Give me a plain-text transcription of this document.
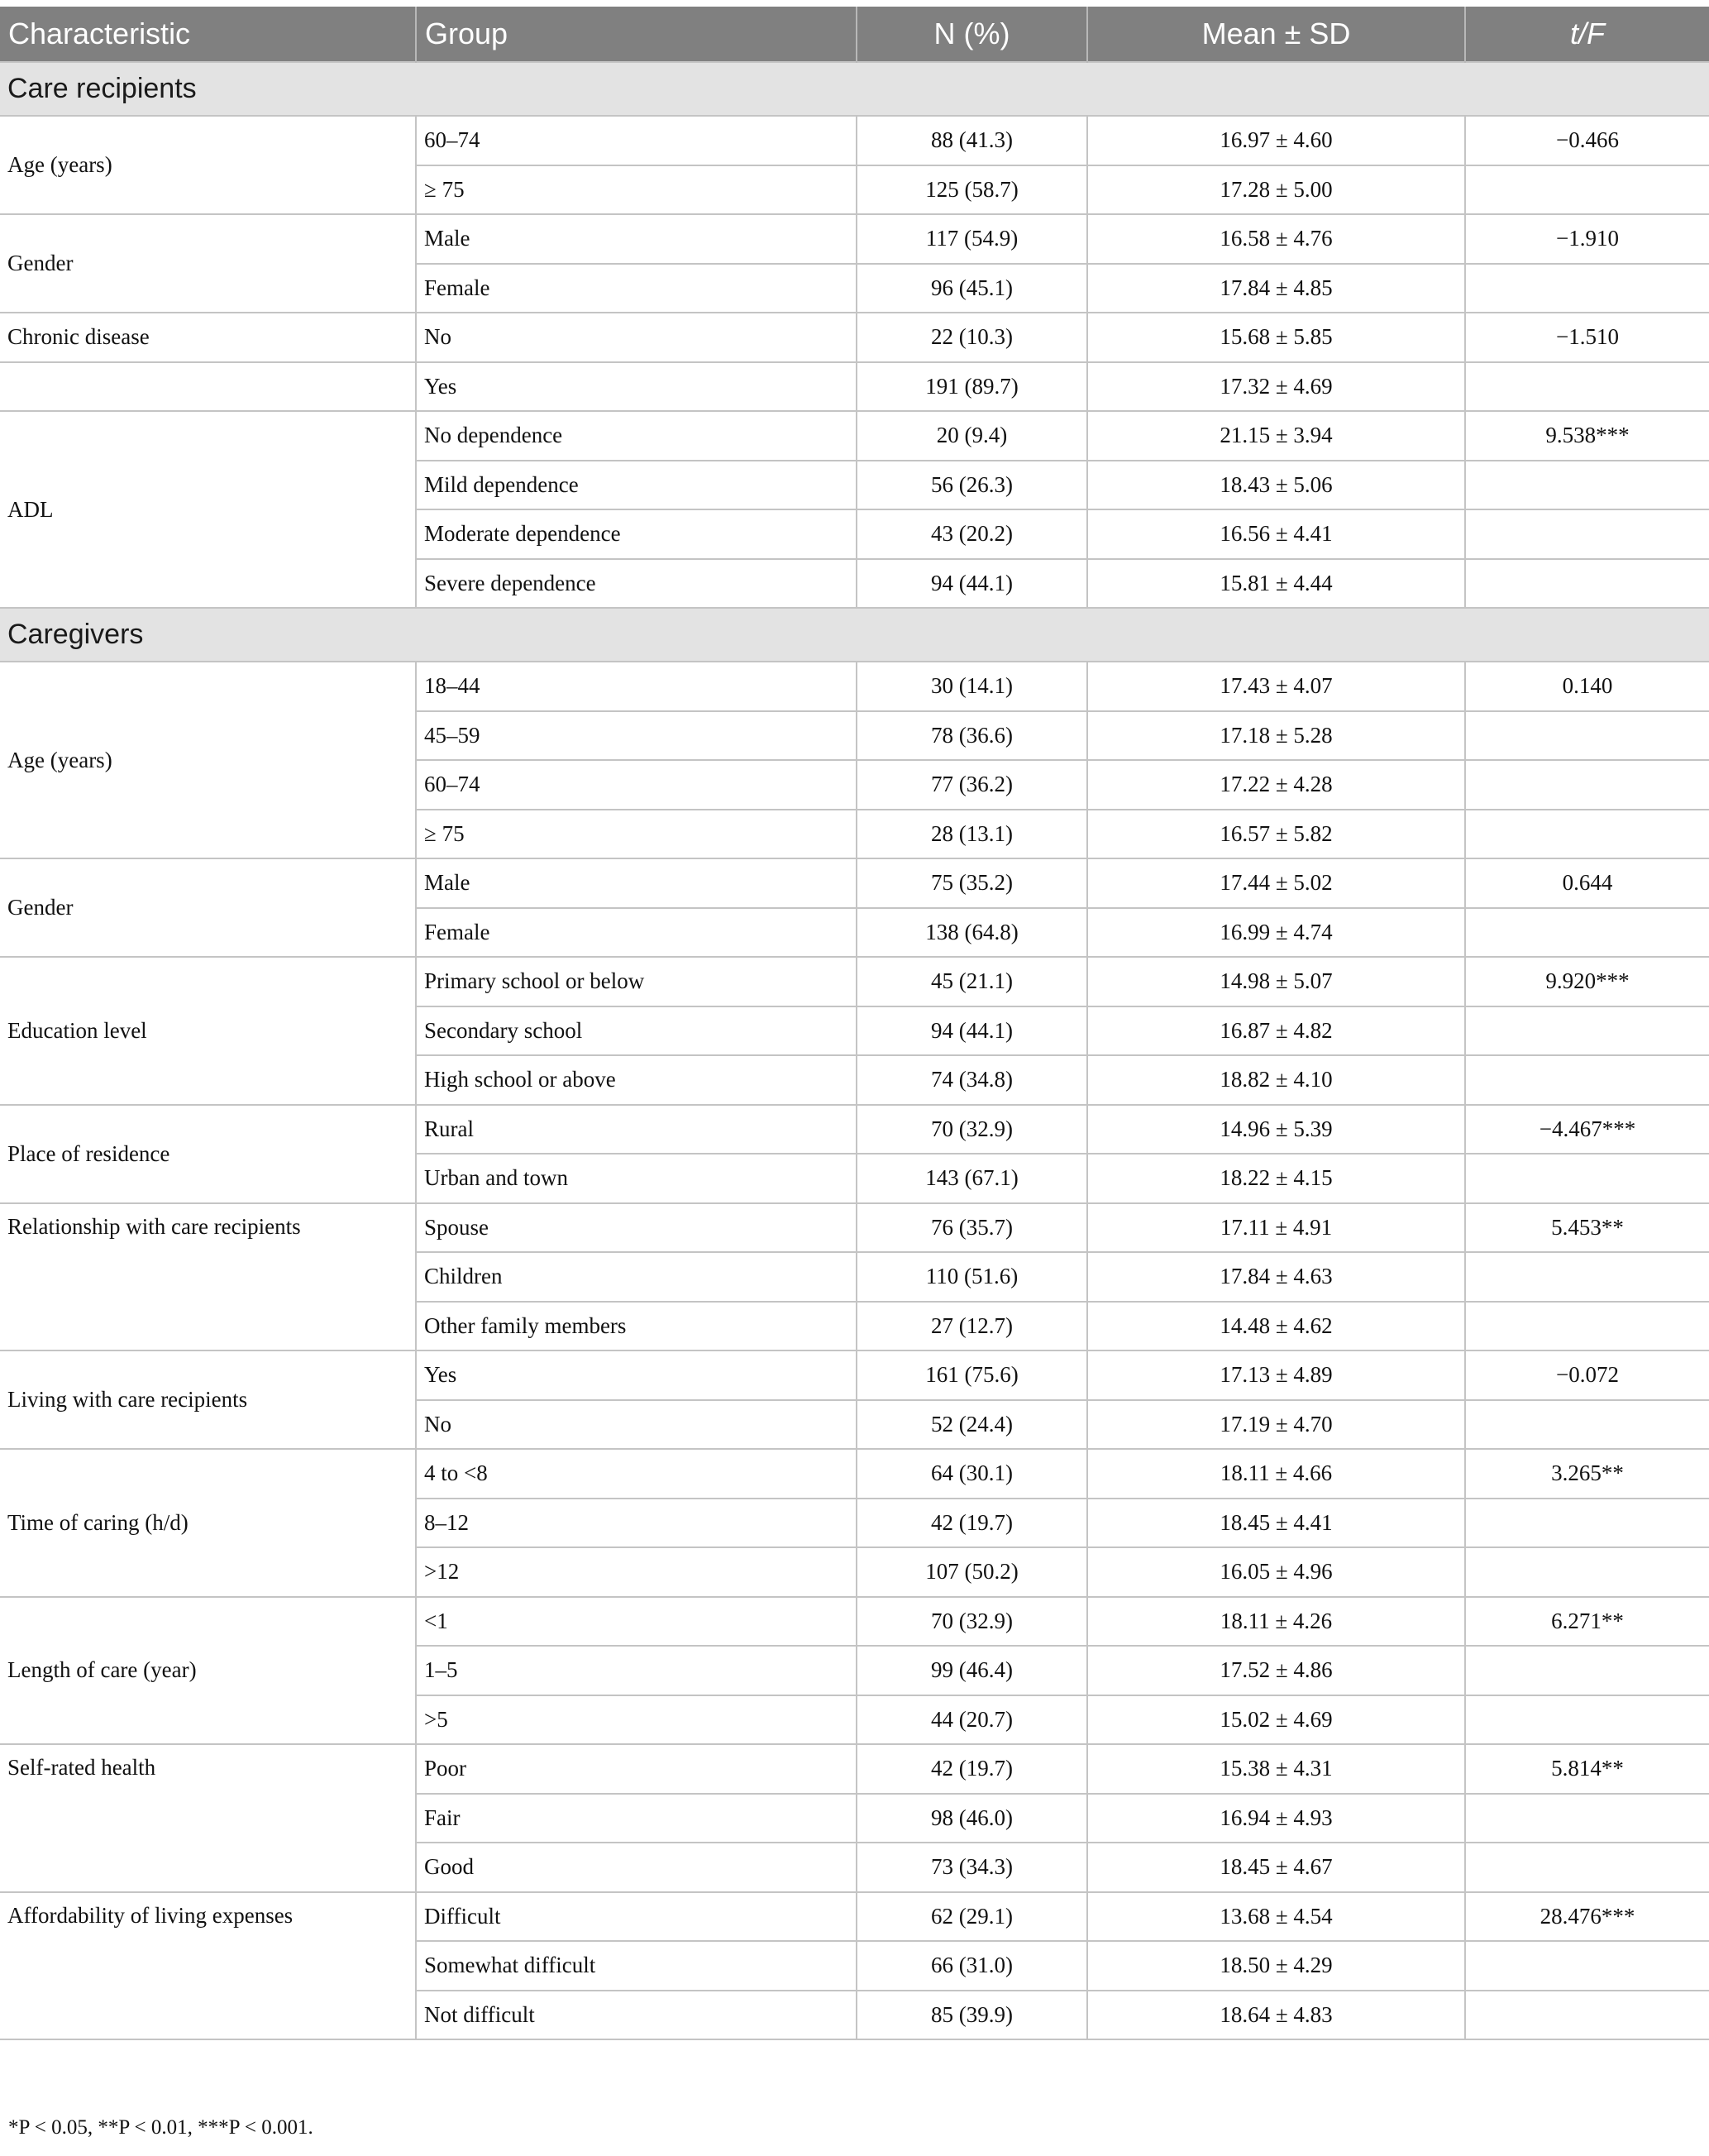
Characteristic	Group	N (%)	Mean ± SD	t/F
Care recipients				
Age (years)	60–74	88 (41.3)	16.97 ± 4.60	−0.466
	≥ 75	125 (58.7)	17.28 ± 5.00	
Gender	Male	117 (54.9)	16.58 ± 4.76	−1.910
	Female	96 (45.1)	17.84 ± 4.85	
Chronic disease	No	22 (10.3)	15.68 ± 5.85	−1.510
	Yes	191 (89.7)	17.32 ± 4.69	
ADL	No dependence	20 (9.4)	21.15 ± 3.94	9.538***
	Mild dependence	56 (26.3)	18.43 ± 5.06	
	Moderate dependence	43 (20.2)	16.56 ± 4.41	
	Severe dependence	94 (44.1)	15.81 ± 4.44	
Caregivers				
Age (years)	18–44	30 (14.1)	17.43 ± 4.07	0.140
	45–59	78 (36.6)	17.18 ± 5.28	
	60–74	77 (36.2)	17.22 ± 4.28	
	≥ 75	28 (13.1)	16.57 ± 5.82	
Gender	Male	75 (35.2)	17.44 ± 5.02	0.644
	Female	138 (64.8)	16.99 ± 4.74	
Education level	Primary school or below	45 (21.1)	14.98 ± 5.07	9.920***
	Secondary school	94 (44.1)	16.87 ± 4.82	
	High school or above	74 (34.8)	18.82 ± 4.10	
Place of residence	Rural	70 (32.9)	14.96 ± 5.39	−4.467***
	Urban and town	143 (67.1)	18.22 ± 4.15	
Relationship with care recipients	Spouse	76 (35.7)	17.11 ± 4.91	5.453**
	Children	110 (51.6)	17.84 ± 4.63	
	Other family members	27 (12.7)	14.48 ± 4.62	
Living with care recipients	Yes	161 (75.6)	17.13 ± 4.89	−0.072
	No	52 (24.4)	17.19 ± 4.70	
Time of caring (h/d)	4 to <8	64 (30.1)	18.11 ± 4.66	3.265**
	8–12	42 (19.7)	18.45 ± 4.41	
	>12	107 (50.2)	16.05 ± 4.96	
Length of care (year)	<1	70 (32.9)	18.11 ± 4.26	6.271**
	1–5	99 (46.4)	17.52 ± 4.86	
	>5	44 (20.7)	15.02 ± 4.69	
Self-rated health	Poor	42 (19.7)	15.38 ± 4.31	5.814**
	Fair	98 (46.0)	16.94 ± 4.93	
	Good	73 (34.3)	18.45 ± 4.67	
Affordability of living expenses	Difficult	62 (29.1)	13.68 ± 4.54	28.476***
	Somewhat difficult	66 (31.0)	18.50 ± 4.29	
	Not difficult	85 (39.9)	18.64 ± 4.83	
*P < 0.05, **P < 0.01, ***P < 0.001.
